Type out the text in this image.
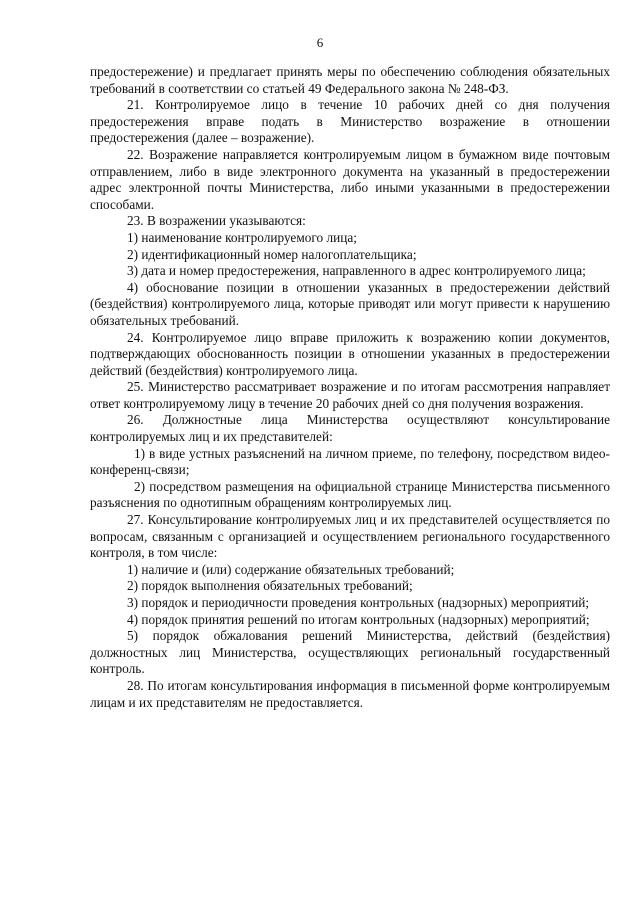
6

предостережение) и предлагает принять меры по обеспечению соблюдения обязательных требований в соответствии со статьей 49 Федерального закона № 248-ФЗ.

21. Контролируемое лицо в течение 10 рабочих дней со дня получения предостережения вправе подать в Министерство возражение в отношении предостережения (далее – возражение).

22. Возражение направляется контролируемым лицом в бумажном виде почтовым отправлением, либо в виде электронного документа на указанный в предостережении адрес электронной почты Министерства, либо иными указанными в предостережении способами.

23. В возражении указываются:

1) наименование контролируемого лица;

2) идентификационный номер налогоплательщика;

3) дата и номер предостережения, направленного в адрес контролируемого лица;

4) обоснование позиции в отношении указанных в предостережении действий (бездействия) контролируемого лица, которые приводят или могут привести к нарушению обязательных требований.

24. Контролируемое лицо вправе приложить к возражению копии документов, подтверждающих обоснованность позиции в отношении указанных в предостережении действий (бездействия) контролируемого лица.

25. Министерство рассматривает возражение и по итогам рассмотрения направляет ответ контролируемому лицу в течение 20 рабочих дней со дня получения возражения.

26. Должностные лица Министерства осуществляют консультирование контролируемых лиц и их представителей:

1) в виде устных разъяснений на личном приеме, по телефону, посредством видео-конференц-связи;

2) посредством размещения на официальной странице Министерства письменного разъяснения по однотипным обращениям контролируемых лиц.

27. Консультирование контролируемых лиц и их представителей осуществляется по вопросам, связанным с организацией и осуществлением регионального государственного контроля, в том числе:

1) наличие и (или) содержание обязательных требований;

2) порядок выполнения обязательных требований;

3) порядок и периодичности проведения контрольных (надзорных) мероприятий;

4) порядок принятия решений по итогам контрольных (надзорных) мероприятий;

5) порядок обжалования решений Министерства, действий (бездействия) должностных лиц Министерства, осуществляющих региональный государственный контроль.

28. По итогам консультирования информация в письменной форме контролируемым лицам и их представителям не предоставляется.
